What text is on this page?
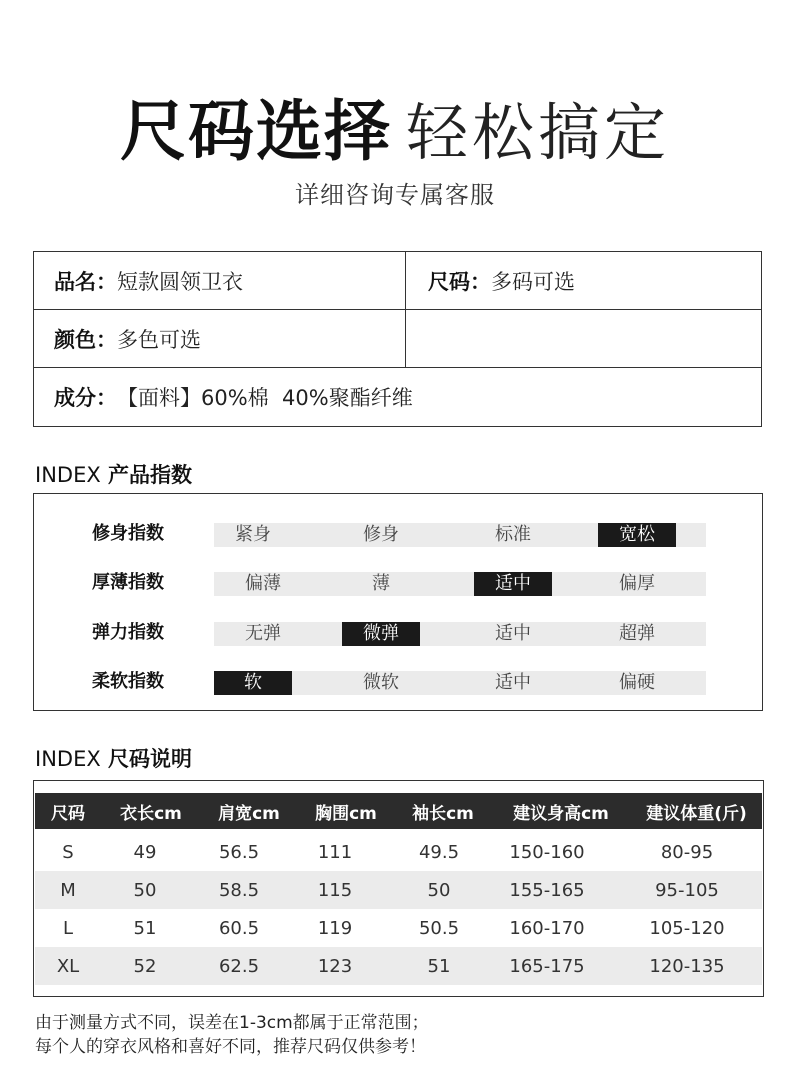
尺码选择 轻松搞定
详细咨询专属客服
品名： 短款圆领卫衣	尺码： 多码可选
颜色： 多色可选
成分： 【面料】60%棉  40%聚酯纤维
INDEX 产品指数
修身指数	紧身	修身	标准	宽松
厚薄指数	偏薄	薄	适中	偏厚
弹力指数	无弹	微弹	适中	超弹
柔软指数	软	微软	适中	偏硬
INDEX 尺码说明
尺码	衣长cm	肩宽cm	胸围cm	袖长cm	建议身高cm	建议体重(斤)
S	49	56.5	111	49.5	150-160	80-95
M	50	58.5	115	50	155-165	95-105
L	51	60.5	119	50.5	160-170	105-120
XL	52	62.5	123	51	165-175	120-135
由于测量方式不同，误差在1-3cm都属于正常范围；
每个人的穿衣风格和喜好不同，推荐尺码仅供参考！
